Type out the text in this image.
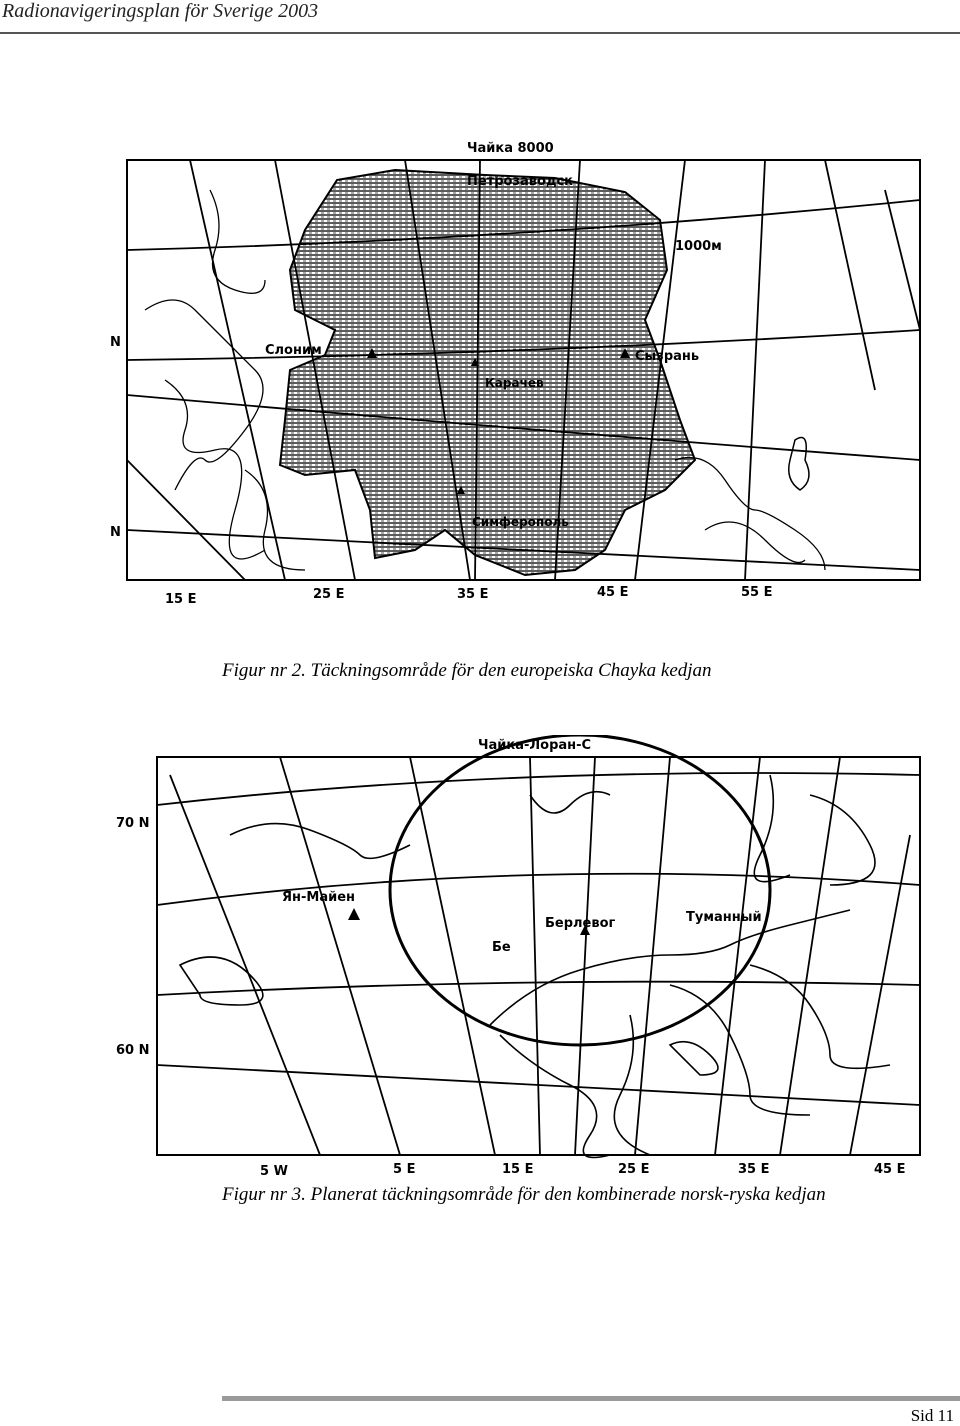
Radionavigeringsplan för Sverige 2003
Чайка 8000
Петрозаводск
1000м
Слоним	Сызрань
Карачев
Симферополь
N
N
15 E	25 E	35 E	45 E	55 E
Figur nr 2. Täckningsområde för den europeiska Chayka kedjan
Чайка-Лоран-С
Ян-Майен
Бе
Берлевог	Туманный
70 N
60 N
5 W	5 E	15 E	25 E	35 E	45 E
Figur nr 3. Planerat täckningsområde för den kombinerade norsk-ryska kedjan
Sid 11
